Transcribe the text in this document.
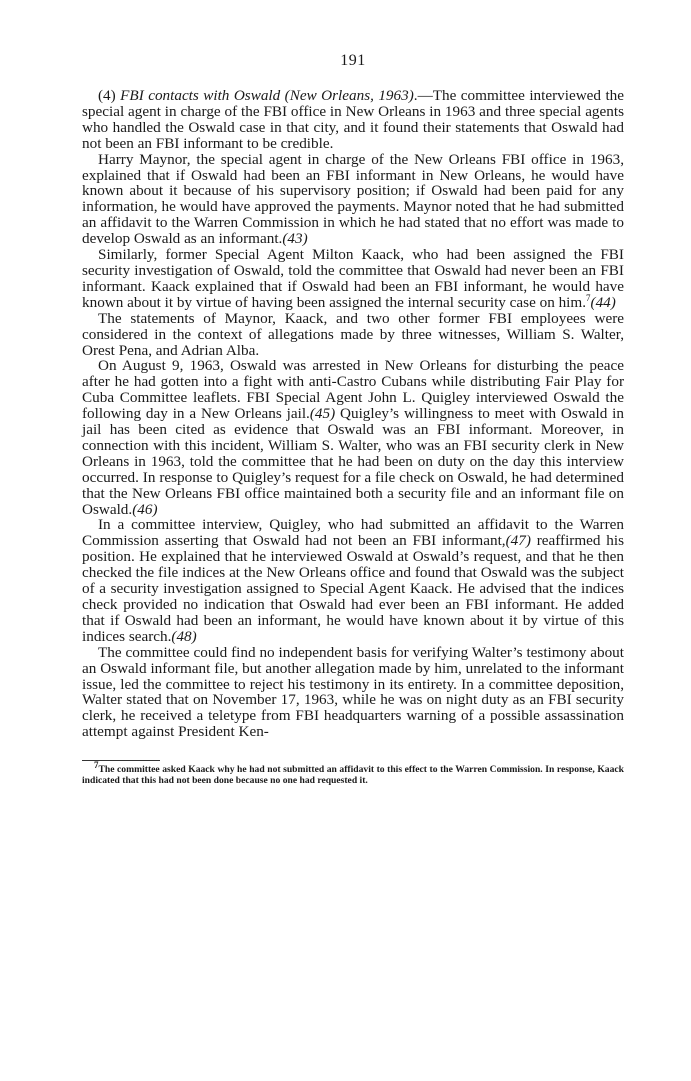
191

(4) FBI contacts with Oswald (New Orleans, 1963).—The committee interviewed the special agent in charge of the FBI office in New Orleans in 1963 and three special agents who handled the Oswald case in that city, and it found their statements that Oswald had not been an FBI informant to be credible.

Harry Maynor, the special agent in charge of the New Orleans FBI office in 1963, explained that if Oswald had been an FBI informant in New Orleans, he would have known about it because of his supervisory position; if Oswald had been paid for any information, he would have approved the payments. Maynor noted that he had submitted an affidavit to the Warren Commission in which he had stated that no effort was made to develop Oswald as an informant.(43)

Similarly, former Special Agent Milton Kaack, who had been assigned the FBI security investigation of Oswald, told the committee that Oswald had never been an FBI informant. Kaack explained that if Oswald had been an FBI informant, he would have known about it by virtue of having been assigned the internal security case on him.$^7$(44)

The statements of Maynor, Kaack, and two other former FBI employees were considered in the context of allegations made by three witnesses, William S. Walter, Orest Pena, and Adrian Alba.

On August 9, 1963, Oswald was arrested in New Orleans for disturbing the peace after he had gotten into a fight with anti-Castro Cubans while distributing Fair Play for Cuba Committee leaflets. FBI Special Agent John L. Quigley interviewed Oswald the following day in a New Orleans jail.(45) Quigley’s willingness to meet with Oswald in jail has been cited as evidence that Oswald was an FBI informant. Moreover, in connection with this incident, William S. Walter, who was an FBI security clerk in New Orleans in 1963, told the committee that he had been on duty on the day this interview occurred. In response to Quigley’s request for a file check on Oswald, he had determined that the New Orleans FBI office maintained both a security file and an informant file on Oswald.(46)

In a committee interview, Quigley, who had submitted an affidavit to the Warren Commission asserting that Oswald had not been an FBI informant,(47) reaffirmed his position. He explained that he interviewed Oswald at Oswald’s request, and that he then checked the file indices at the New Orleans office and found that Oswald was the subject of a security investigation assigned to Special Agent Kaack. He advised that the indices check provided no indication that Oswald had ever been an FBI informant. He added that if Oswald had been an informant, he would have known about it by virtue of this indices search.(48)

The committee could find no independent basis for verifying Walter’s testimony about an Oswald informant file, but another allegation made by him, unrelated to the informant issue, led the committee to reject his testimony in its entirety. In a committee deposition, Walter stated that on November 17, 1963, while he was on night duty as an FBI security clerk, he received a teletype from FBI headquarters warning of a possible assassination attempt against President Ken-

$^7$The committee asked Kaack why he had not submitted an affidavit to this effect to the Warren Commission. In response, Kaack indicated that this had not been done because no one had requested it.
